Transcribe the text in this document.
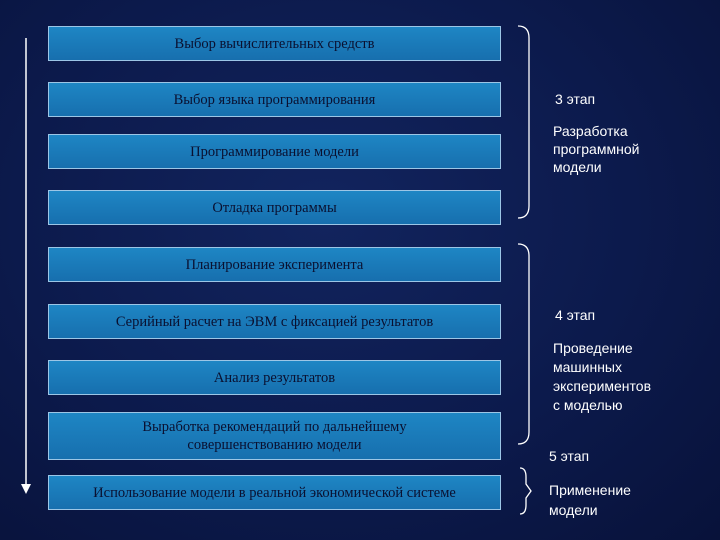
Выбор вычислительных средств
Выбор языка программирования
Программирование модели
Отладка программы
Планирование эксперимента
Серийный расчет на ЭВМ с фиксацией результатов
Анализ результатов
Выработка рекомендаций по дальнейшему совершенствованию модели
Использование модели в реальной экономической системе
3 этап
Разработка
программной
модели
4 этап
Проведение
машинных
экспериментов
с моделью
5 этап
Применение
модели
